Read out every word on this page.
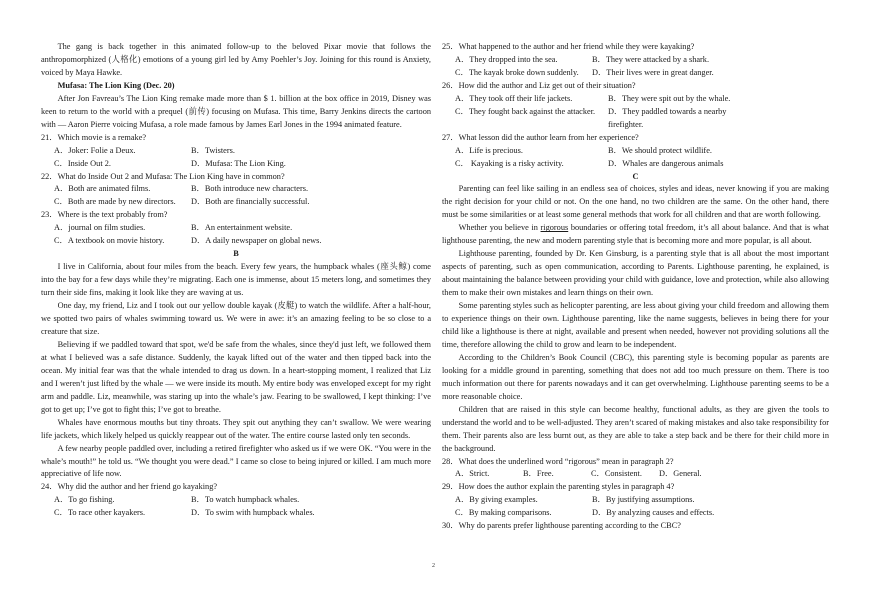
The gang is back together in this animated follow-up to the beloved Pixar movie that follows the anthropomorphized (人格化) emotions of a young girl led by Amy Poehler’s Joy. Joining for this round is Anxiety, voiced by Maya Hawke.

Mufasa: The Lion King (Dec. 20)

After Jon Favreau’s The Lion King remake made more than $ 1. billion at the box office in 2019, Disney was keen to return to the world with a prequel (前传) focusing on Mufasa. This time, Barry Jenkins directs the cartoon with — Aaron Pierre voicing Mufasa, a role made famous by James Earl Jones in the 1994 animated feature.

21．Which movie is a remake?

A．Joker: Folie a Deux.	B．Twisters.
C．Inside Out 2.	D．Mufasa: The Lion King.

22．What do Inside Out 2 and Mufasa: The Lion King have in common?

A．Both are animated films.	B．Both introduce new characters.
C．Both are made by new directors.	D．Both are financially successful.

23．Where is the text probably from?

A．journal on film studies.	B．An entertainment website.
C．A textbook on movie history.	D．A daily newspaper on global news.

B

I live in California, about four miles from the beach. Every few years, the humpback whales (座头鲸) come into the bay for a few days while they’re migrating. Each one is immense, about 15 meters long, and sometimes they turn their side fins, making it look like they are waving at us.

One day, my friend, Liz and I took out our yellow double kayak (皮艇) to watch the wildlife. After a half-hour, we spotted two pairs of whales swimming toward us. We were in awe: it’s an amazing feeling to be so close to a creature that size.

Believing if we paddled toward that spot, we'd be safe from the whales, since they'd just left, we followed them at what I believed was a safe distance. Suddenly, the kayak lifted out of the water and then tipped back into the ocean. My initial fear was that the whale intended to drag us down. In a heart-stopping moment, I realized that Liz and I weren’t just lifted by the whale — we were inside its mouth. My entire body was enveloped except for my right arm and paddle. Liz, meanwhile, was staring up into the whale’s jaw. Fearing to be swallowed, I kept thinking: I’ve got to get up; I’ve got to fight this; I’ve got to breathe.

Whales have enormous mouths but tiny throats. They spit out anything they can’t swallow. We were wearing life jackets, which likely helped us quickly reappear out of the water. The entire course lasted only ten seconds.

A few nearby people paddled over, including a retired firefighter who asked us if we were OK. “You were in the whale’s mouth!” he told us. “We thought you were dead.” I came so close to being injured or killed. I am much more appreciative of life now.

24．Why did the author and her friend go kayaking?

A．To go fishing.	B．To watch humpback whales.
C．To race other kayakers.	D．To swim with humpback whales.

25．What happened to the author and her friend while they were kayaking?

A．They dropped into the sea.	B．They were attacked by a shark.
C．The kayak broke down suddenly.	D．Their lives were in great danger.

26．How did the author and Liz get out of their situation?

A．They took off their life jackets.	B．They were spit out by the whale.
C．They fought back against the attacker.	D．They paddled towards a nearby firefighter.

27．What lesson did the author learn from her experience?

A．Life is precious.	B．We should protect wildlife.
C． Kayaking is a risky activity.	D．Whales are dangerous animals

C

Parenting can feel like sailing in an endless sea of choices, styles and ideas, never knowing if you are making the right decision for your child or not. On the one hand, no two children are the same. On the other hand, there must be some similarities or at least some general methods that work for all children and that are worth following.

Whether you believe in rigorous boundaries or offering total freedom, it’s all about balance. And that is what lighthouse parenting, the new and modern parenting style that is becoming more and more popular, is all about.

Lighthouse parenting, founded by Dr. Ken Ginsburg, is a parenting style that is all about the most important aspects of parenting, such as open communication, according to Parents. Lighthouse parenting, he explained, is about maintaining the balance between providing your child with guidance, love and protection, while also allowing them to make their own mistakes and learn things on their own.

Some parenting styles such as helicopter parenting, are less about giving your child freedom and allowing them to experience things on their own. Lighthouse parenting, like the name suggests, believes in being there for your child like a lighthouse is there at night, available and present when needed, however not providing solutions all the time, therefore allowing the child to grow and learn to be independent.

According to the Children’s Book Council (CBC), this parenting style is becoming popular as parents are looking for a middle ground in parenting, something that does not add too much pressure on them. There is too much information out there for parents nowadays and it can get overwhelming. Lighthouse parenting seems to be a more reasonable choice.

Children that are raised in this style can become healthy, functional adults, as they are given the tools to understand the world and to be well-adjusted. They aren’t scared of making mistakes and also take responsibility for them. Their parents also are less burnt out, as they are able to take a step back and be there for their child more in the background.

28．What does the underlined word “rigorous” mean in paragraph 2?

A．Strict.	B．Free.	C．Consistent.	D．General.

29．How does the author explain the parenting styles in paragraph 4?

A．By giving examples.	B．By justifying assumptions.
C．By making comparisons.	D．By analyzing causes and effects.

30．Why do parents prefer lighthouse parenting according to the CBC?

2
